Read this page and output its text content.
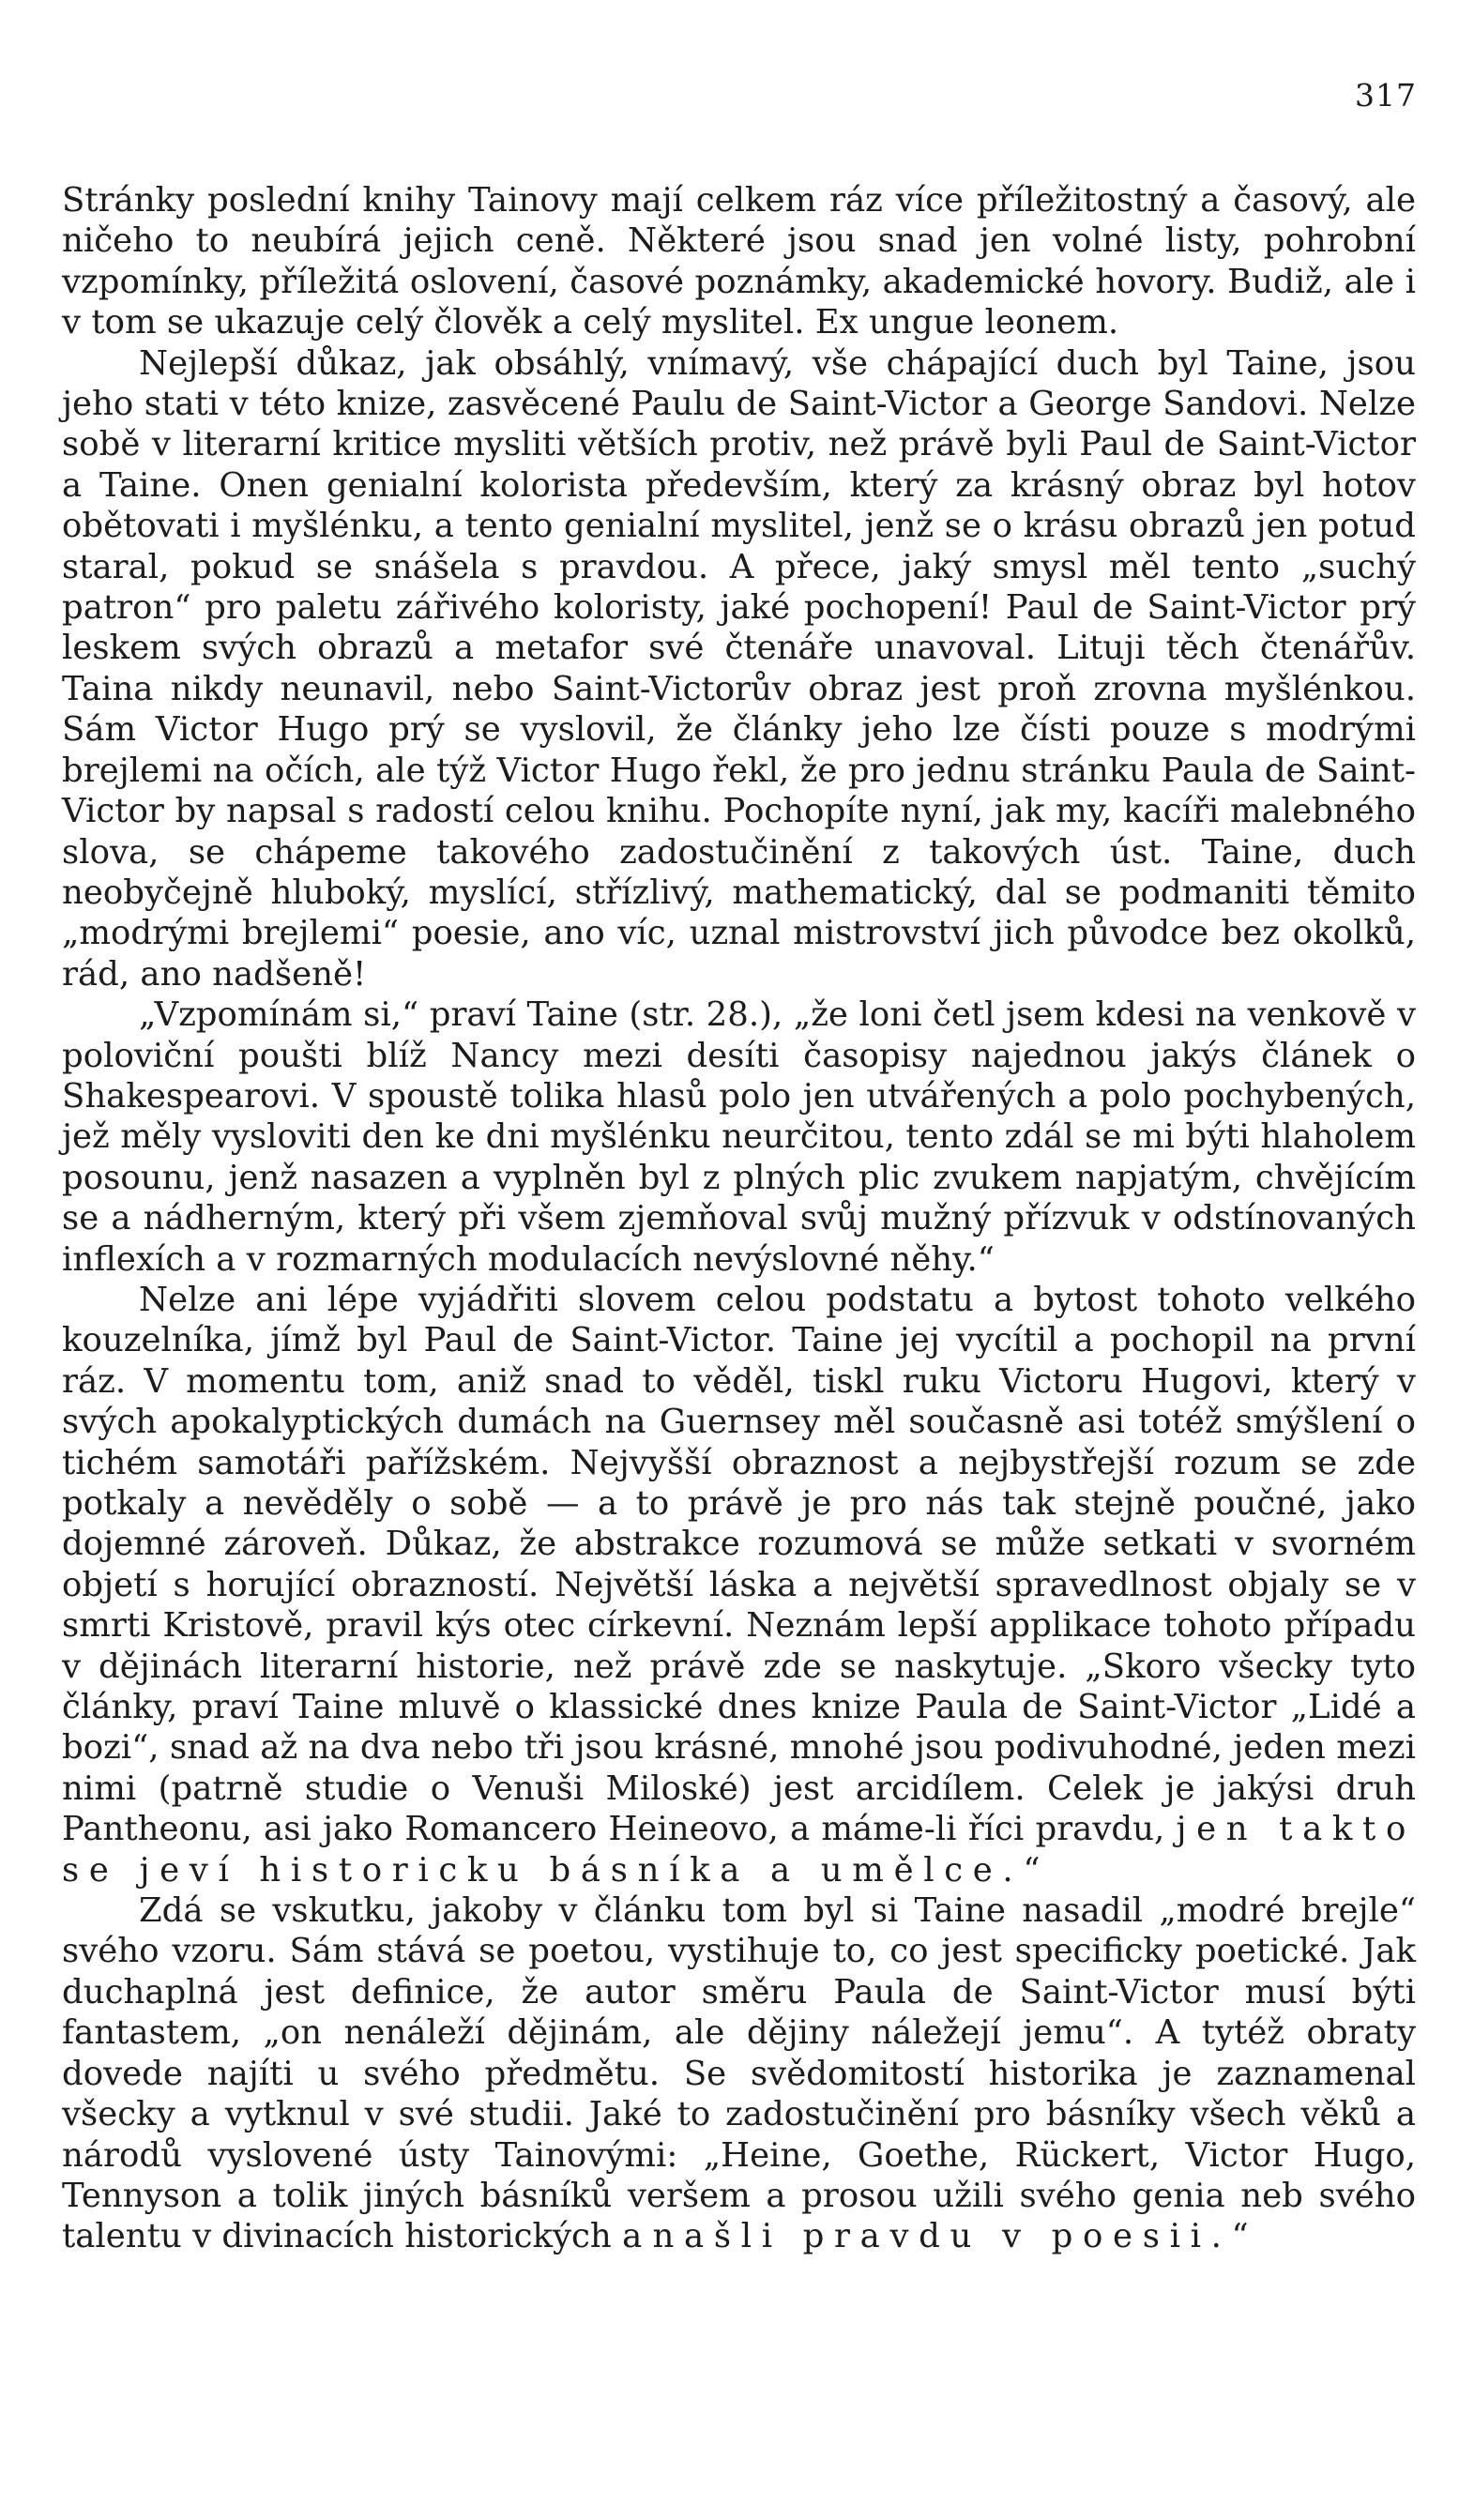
317

Stránky poslední knihy Tainovy mají celkem ráz více příležitostný a časový, ale ničeho to neubírá jejich ceně. Některé jsou snad jen volné listy, pohrobní vzpomínky, příležitá oslovení, časové poznámky, akademické hovory. Budiž, ale i v tom se ukazuje celý člověk a celý myslitel. Ex ungue leonem.

Nejlepší důkaz, jak obsáhlý, vnímavý, vše chápající duch byl Taine, jsou jeho stati v této knize, zasvěcené Paulu de Saint-Victor a George Sandovi. Nelze sobě v literarní kritice mysliti větších protiv, než právě byli Paul de Saint-Victor a Taine. Onen genialní kolorista především, který za krásný obraz byl hotov obětovati i myšlénku, a tento genialní myslitel, jenž se o krásu obrazů jen potud staral, pokud se snášela s pravdou. A přece, jaký smysl měl tento „suchý patron“ pro paletu zářivého koloristy, jaké pochopení! Paul de Saint-Victor prý leskem svých obrazů a metafor své čtenáře unavoval. Lituji těch čtenářův. Taina nikdy neunavil, nebo Saint-Victorův obraz jest proň zrovna myšlénkou. Sám Victor Hugo prý se vyslovil, že články jeho lze čísti pouze s modrými brejlemi na očích, ale týž Victor Hugo řekl, že pro jednu stránku Paula de Saint-Victor by napsal s radostí celou knihu. Pochopíte nyní, jak my, kacíři malebného slova, se chápeme takového zadostučinění z takových úst. Taine, duch neobyčejně hluboký, myslící, střízlivý, mathematický, dal se podmaniti těmito „modrými brejlemi“ poesie, ano víc, uznal mistrovství jich původce bez okolků, rád, ano nadšeně!

„Vzpomínám si,“ praví Taine (str. 28.), „že loni četl jsem kdesi na venkově v poloviční poušti blíž Nancy mezi desíti časopisy najednou jakýs článek o Shakespearovi. V spoustě tolika hlasů polo jen utvářených a polo pochybených, jež měly vysloviti den ke dni myšlénku neurčitou, tento zdál se mi býti hlaholem posounu, jenž nasazen a vyplněn byl z plných plic zvukem napjatým, chvějícím se a nádherným, který při všem zjemňoval svůj mužný přízvuk v odstínovaných inflexích a v rozmarných modulacích nevýslovné něhy.“

Nelze ani lépe vyjádřiti slovem celou podstatu a bytost tohoto velkého kouzelníka, jímž byl Paul de Saint-Victor. Taine jej vycítil a pochopil na první ráz. V momentu tom, aniž snad to věděl, tiskl ruku Victoru Hugovi, který v svých apokalyptických dumách na Guernsey měl současně asi totéž smýšlení o tichém samotáři pařížském. Nejvyšší obraznost a nejbystřejší rozum se zde potkaly a nevěděly o sobě — a to právě je pro nás tak stejně poučné, jako dojemné zároveň. Důkaz, že abstrakce rozumová se může setkati v svorném objetí s horující obrazností. Největší láska a největší spravedlnost objaly se v smrti Kristově, pravil kýs otec církevní. Neznám lepší applikace tohoto případu v dějinách literarní historie, než právě zde se naskytuje. „Skoro všecky tyto články, praví Taine mluvě o klassické dnes knize Paula de Saint-Victor „Lidé a bozi“, snad až na dva nebo tři jsou krásné, mnohé jsou podivuhodné, jeden mezi nimi (patrně studie o Venuši Miloské) jest arcidílem. Celek je jakýsi druh Pantheonu, asi jako Romancero Heineovo, a máme-li říci pravdu, jen takto se jeví historicku básníka a umělce.“

Zdá se vskutku, jakoby v článku tom byl si Taine nasadil „modré brejle“ svého vzoru. Sám stává se poetou, vystihuje to, co jest specificky poetické. Jak duchaplná jest definice, že autor směru Paula de Saint-Victor musí býti fantastem, „on nenáleží dějinám, ale dějiny náležejí jemu“. A tytéž obraty dovede najíti u svého předmětu. Se svědomitostí historika je zaznamenal všecky a vytknul v své studii. Jaké to zadostučinění pro básníky všech věků a národů vyslovené ústy Tainovými: „Heine, Goethe, Rückert, Victor Hugo, Tennyson a tolik jiných básníků veršem a prosou užili svého genia neb svého talentu v divinacích historických a našli pravdu v poesii.“
